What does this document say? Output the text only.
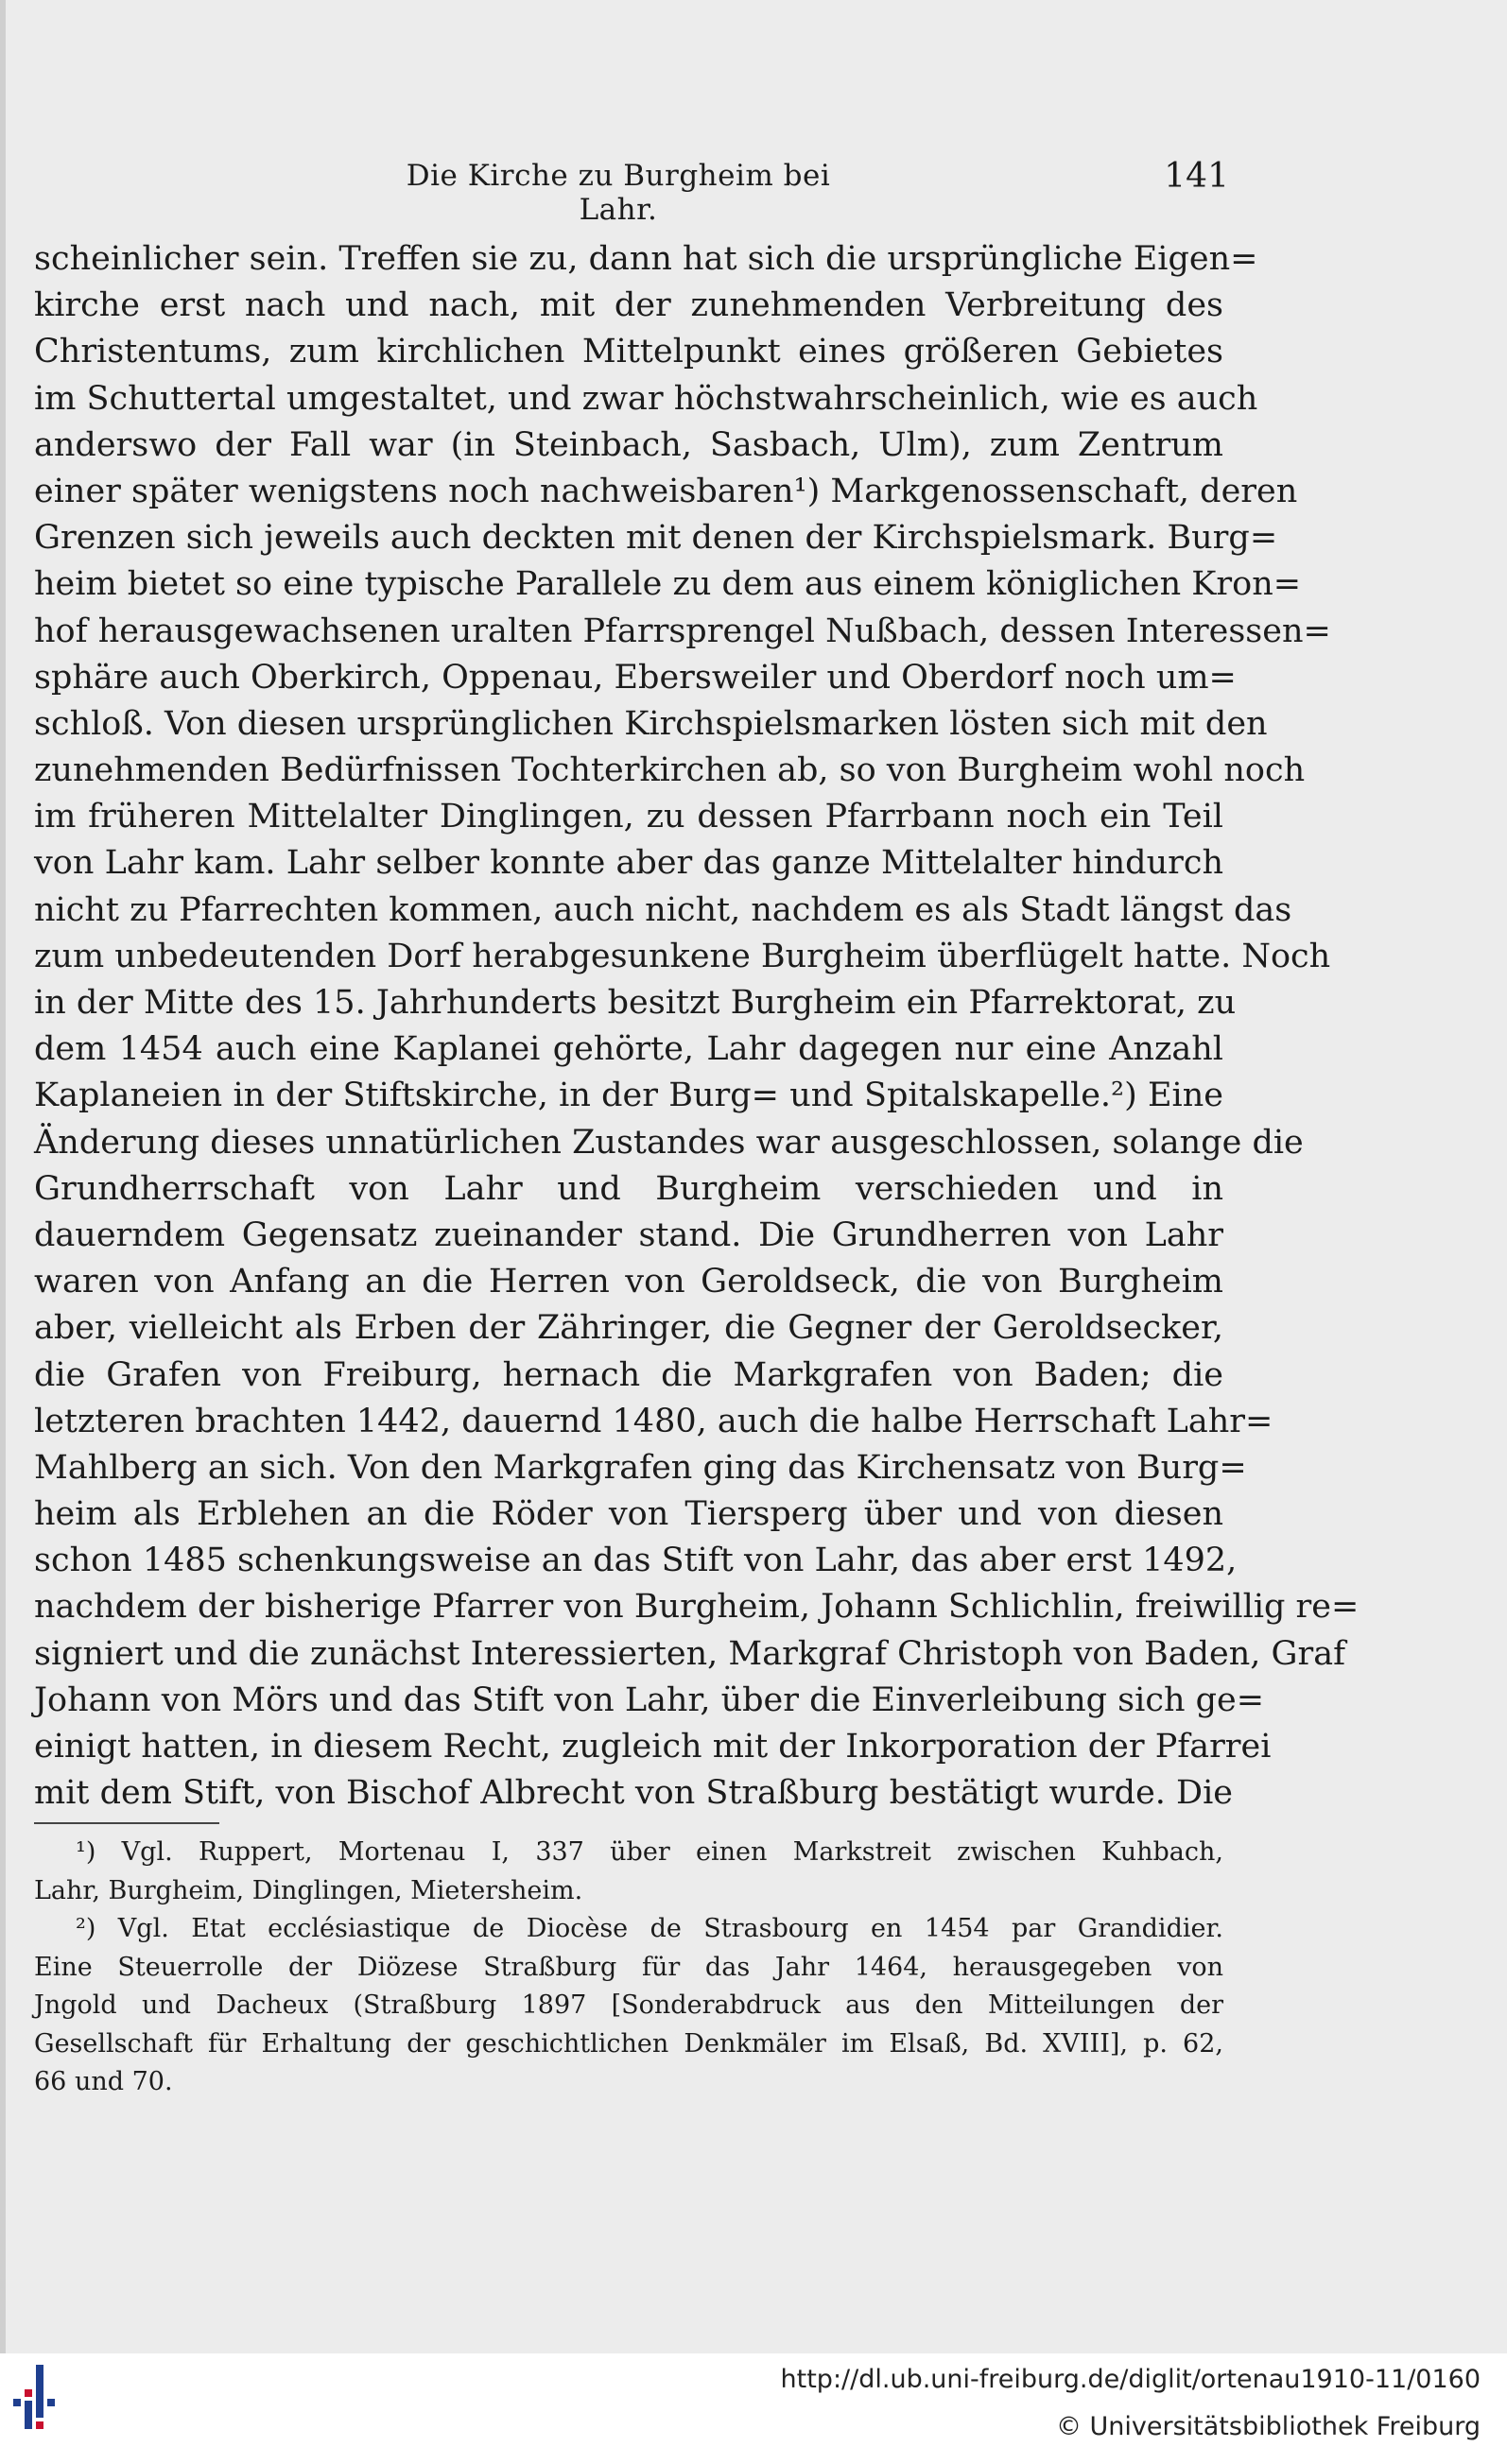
Die Kirche zu Burgheim bei Lahr.
141
scheinlicher sein. Treffen sie zu, dann hat sich die ursprüngliche Eigen=
kirche erst nach und nach, mit der zunehmenden Verbreitung des
Christentums, zum kirchlichen Mittelpunkt eines größeren Gebietes
im Schuttertal umgestaltet, und zwar höchstwahrscheinlich, wie es auch
anderswo der Fall war (in Steinbach, Sasbach, Ulm), zum Zentrum
einer später wenigstens noch nachweisbaren¹) Markgenossenschaft, deren
Grenzen sich jeweils auch deckten mit denen der Kirchspielsmark. Burg=
heim bietet so eine typische Parallele zu dem aus einem königlichen Kron=
hof herausgewachsenen uralten Pfarrsprengel Nußbach, dessen Interessen=
sphäre auch Oberkirch, Oppenau, Ebersweiler und Oberdorf noch um=
schloß. Von diesen ursprünglichen Kirchspielsmarken lösten sich mit den
zunehmenden Bedürfnissen Tochterkirchen ab, so von Burgheim wohl noch
im früheren Mittelalter Dinglingen, zu dessen Pfarrbann noch ein Teil
von Lahr kam. Lahr selber konnte aber das ganze Mittelalter hindurch
nicht zu Pfarrechten kommen, auch nicht, nachdem es als Stadt längst das
zum unbedeutenden Dorf herabgesunkene Burgheim überflügelt hatte. Noch
in der Mitte des 15. Jahrhunderts besitzt Burgheim ein Pfarrektorat, zu
dem 1454 auch eine Kaplanei gehörte, Lahr dagegen nur eine Anzahl
Kaplaneien in der Stiftskirche, in der Burg= und Spitalskapelle.²) Eine
Änderung dieses unnatürlichen Zustandes war ausgeschlossen, solange die
Grundherrschaft von Lahr und Burgheim verschieden und in
dauerndem Gegensatz zueinander stand. Die Grundherren von Lahr
waren von Anfang an die Herren von Geroldseck, die von Burgheim
aber, vielleicht als Erben der Zähringer, die Gegner der Geroldsecker,
die Grafen von Freiburg, hernach die Markgrafen von Baden; die
letzteren brachten 1442, dauernd 1480, auch die halbe Herrschaft Lahr=
Mahlberg an sich. Von den Markgrafen ging das Kirchensatz von Burg=
heim als Erblehen an die Röder von Tiersperg über und von diesen
schon 1485 schenkungsweise an das Stift von Lahr, das aber erst 1492,
nachdem der bisherige Pfarrer von Burgheim, Johann Schlichlin, freiwillig re=
signiert und die zunächst Interessierten, Markgraf Christoph von Baden, Graf
Johann von Mörs und das Stift von Lahr, über die Einverleibung sich ge=
einigt hatten, in diesem Recht, zugleich mit der Inkorporation der Pfarrei
mit dem Stift, von Bischof Albrecht von Straßburg bestätigt wurde. Die
¹) Vgl. Ruppert, Mortenau I, 337 über einen Markstreit zwischen Kuhbach,
Lahr, Burgheim, Dinglingen, Mietersheim.
²) Vgl. Etat ecclésiastique de Diocèse de Strasbourg en 1454 par Grandidier.
Eine Steuerrolle der Diözese Straßburg für das Jahr 1464, herausgegeben von
Jngold und Dacheux (Straßburg 1897 [Sonderabdruck aus den Mitteilungen der
Gesellschaft für Erhaltung der geschichtlichen Denkmäler im Elsaß, Bd. XVIII], p. 62,
66 und 70.
http://dl.ub.uni-freiburg.de/diglit/ortenau1910-11/0160
© Universitätsbibliothek Freiburg
